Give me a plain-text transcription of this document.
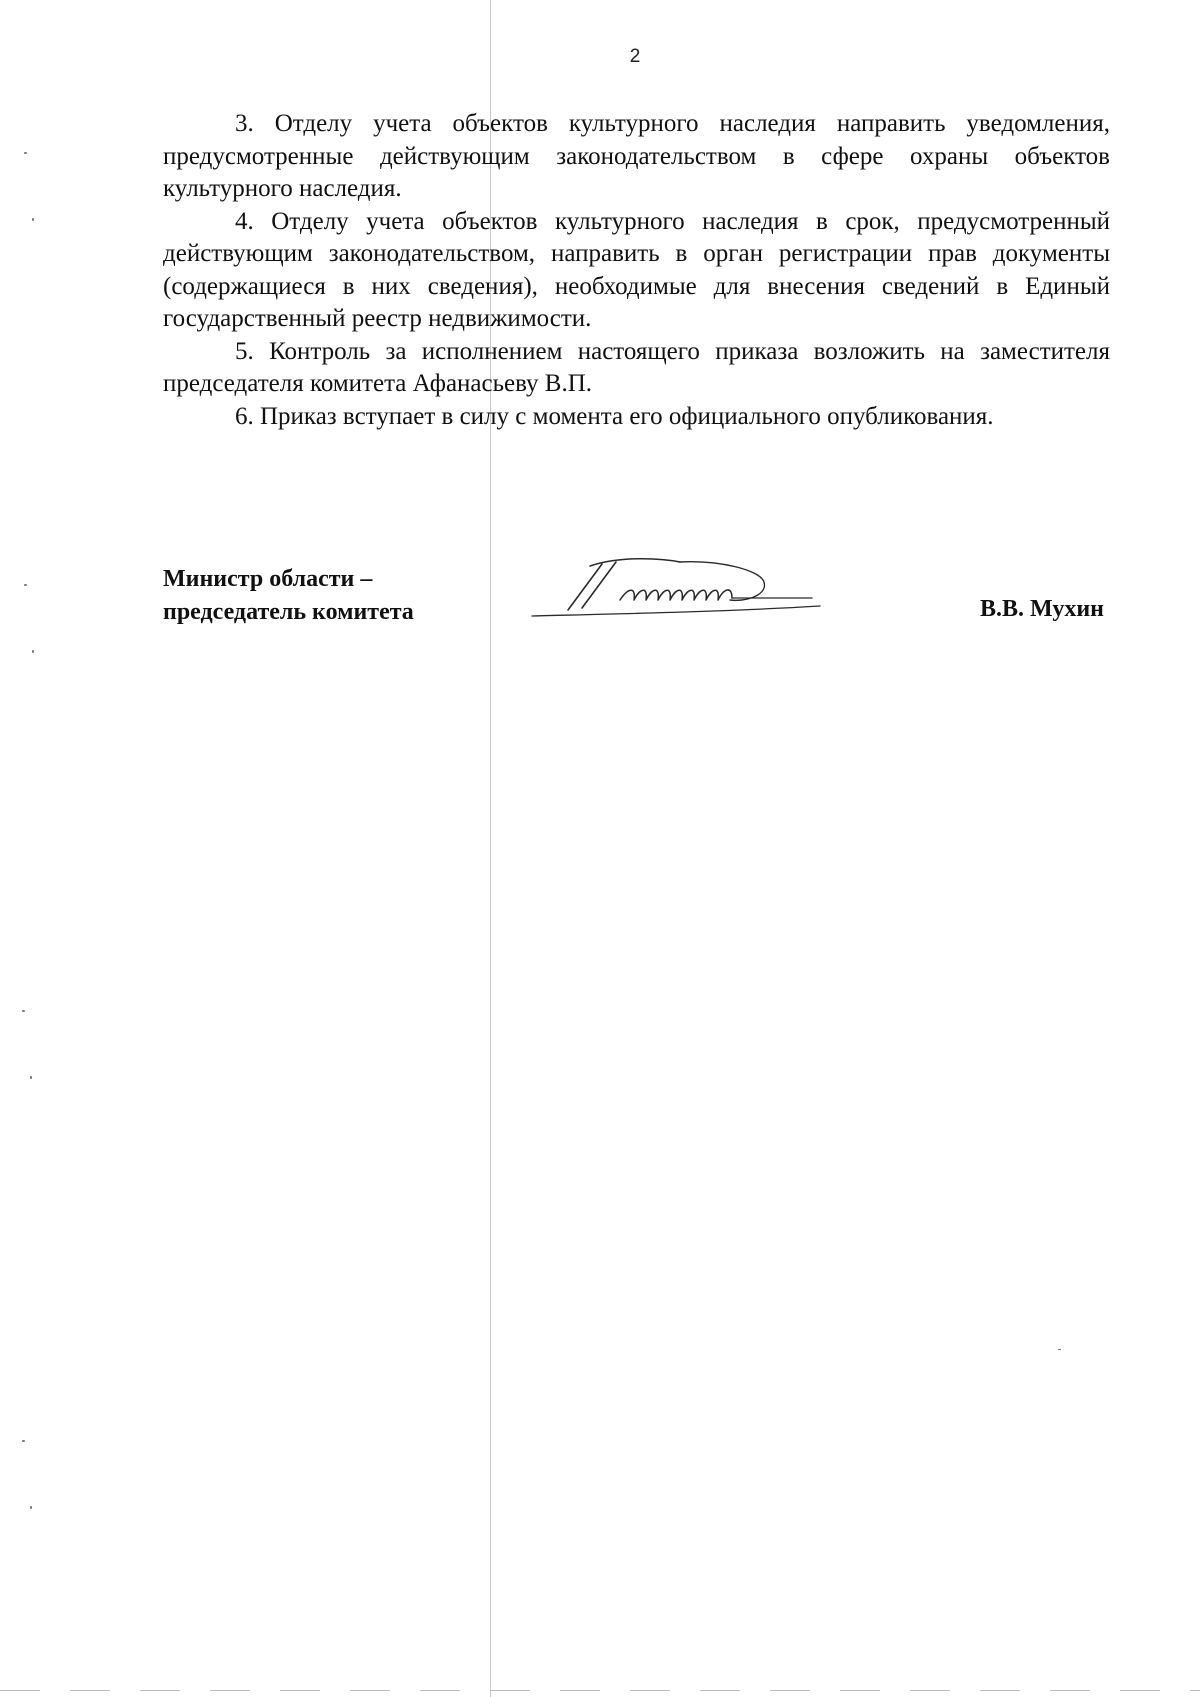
2

3. Отделу учета объектов культурного наследия направить уведомления, предусмотренные действующим законодательством в сфере охраны объектов культурного наследия.

4. Отделу учета объектов культурного наследия в срок, предусмотренный действующим законодательством, направить в орган регистрации прав документы (содержащиеся в них сведения), необходимые для внесения сведений в Единый государственный реестр недвижимости.

5. Контроль за исполнением настоящего приказа возложить на заместителя председателя комитета Афанасьеву В.П.

6. Приказ вступает в силу с момента его официального опубликования.

Министр области –
председатель комитета	В.В. Мухин
